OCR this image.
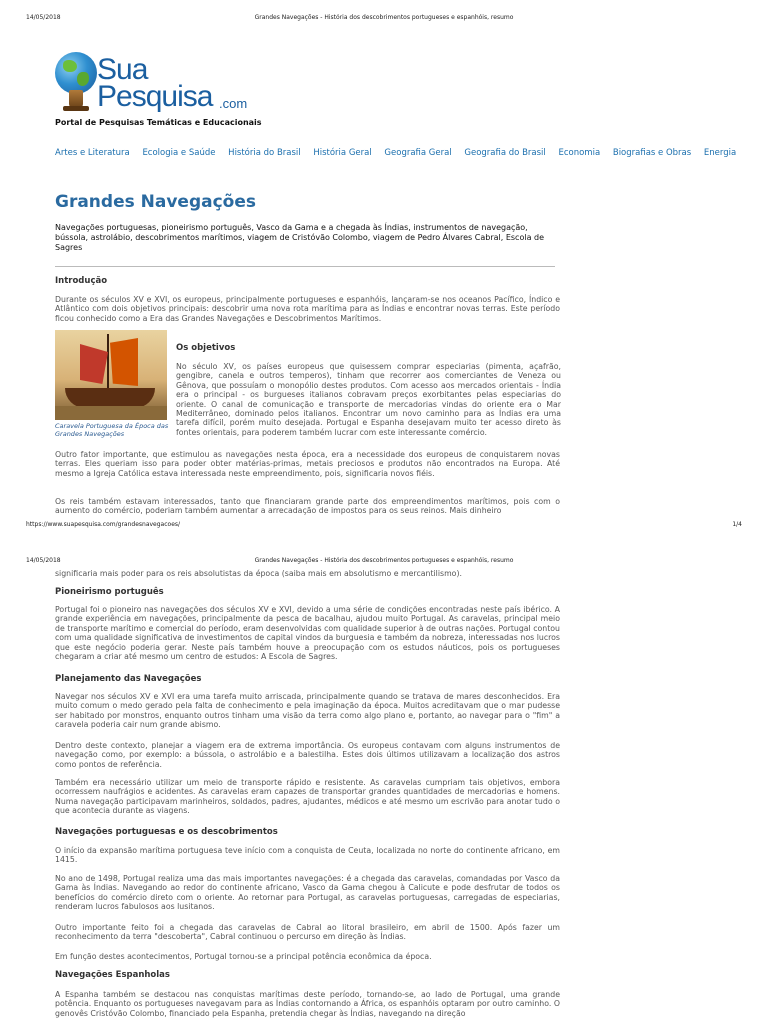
14/05/2018	Grandes Navegações - História dos descobrimentos portugueses e espanhóis, resumo
Sua
Pesquisa .com
Portal de Pesquisas Temáticas e Educacionais
Artes e Literatura Ecologia e Saúde História do Brasil História Geral Geografia Geral Geografia do Brasil Economia Biografias e Obras Energia
Grandes Navegações
Navegações portuguesas, pioneirismo português, Vasco da Gama e a chegada às Índias, instrumentos de navegação, bússola, astrolábio, descobrimentos marítimos, viagem de Cristóvão Colombo, viagem de Pedro Álvares Cabral, Escola de Sagres
Introdução
Durante os séculos XV e XVI, os europeus, principalmente portugueses e espanhóis, lançaram-se nos oceanos Pacífico, Índico e Atlântico com dois objetivos principais: descobrir uma nova rota marítima para as Índias e encontrar novas terras. Este período ficou conhecido como a Era das Grandes Navegações e Descobrimentos Marítimos.
Caravela Portuguesa da Época das Grandes Navegações
Os objetivos
No século XV, os países europeus que quisessem comprar especiarias (pimenta, açafrão, gengibre, canela e outros temperos), tinham que recorrer aos comerciantes de Veneza ou Gênova, que possuíam o monopólio destes produtos. Com acesso aos mercados orientais - Índia era o principal - os burgueses italianos cobravam preços exorbitantes pelas especiarias do oriente. O canal de comunicação e transporte de mercadorias vindas do oriente era o Mar Mediterrâneo, dominado pelos italianos. Encontrar um novo caminho para as Índias era uma tarefa difícil, porém muito desejada. Portugal e Espanha desejavam muito ter acesso direto às fontes orientais, para poderem também lucrar com este interessante comércio.
Outro fator importante, que estimulou as navegações nesta época, era a necessidade dos europeus de conquistarem novas terras. Eles queriam isso para poder obter matérias-primas, metais preciosos e produtos não encontrados na Europa. Até mesmo a Igreja Católica estava interessada neste empreendimento, pois, significaria novos fiéis.
Os reis também estavam interessados, tanto que financiaram grande parte dos empreendimentos marítimos, pois com o aumento do comércio, poderiam também aumentar a arrecadação de impostos para os seus reinos. Mais dinheiro
https://www.suapesquisa.com/grandesnavegacoes/	1/4
14/05/2018	Grandes Navegações - História dos descobrimentos portugueses e espanhóis, resumo
significaria mais poder para os reis absolutistas da época (saiba mais em absolutismo e mercantilismo).
Pioneirismo português
Portugal foi o pioneiro nas navegações dos séculos XV e XVI, devido a uma série de condições encontradas neste país ibérico. A grande experiência em navegações, principalmente da pesca de bacalhau, ajudou muito Portugal. As caravelas, principal meio de transporte marítimo e comercial do período, eram desenvolvidas com qualidade superior à de outras nações. Portugal contou com uma qualidade significativa de investimentos de capital vindos da burguesia e também da nobreza, interessadas nos lucros que este negócio poderia gerar. Neste país também houve a preocupação com os estudos náuticos, pois os portugueses chegaram a criar até mesmo um centro de estudos: A Escola de Sagres.
Planejamento das Navegações
Navegar nos séculos XV e XVI era uma tarefa muito arriscada, principalmente quando se tratava de mares desconhecidos. Era muito comum o medo gerado pela falta de conhecimento e pela imaginação da época. Muitos acreditavam que o mar pudesse ser habitado por monstros, enquanto outros tinham uma visão da terra como algo plano e, portanto, ao navegar para o "fim" a caravela poderia cair num grande abismo.
Dentro deste contexto, planejar a viagem era de extrema importância. Os europeus contavam com alguns instrumentos de navegação como, por exemplo: a bússola, o astrolábio e a balestilha. Estes dois últimos utilizavam a localização dos astros como pontos de referência.
Também era necessário utilizar um meio de transporte rápido e resistente. As caravelas cumpriam tais objetivos, embora ocorressem naufrágios e acidentes. As caravelas eram capazes de transportar grandes quantidades de mercadorias e homens. Numa navegação participavam marinheiros, soldados, padres, ajudantes, médicos e até mesmo um escrivão para anotar tudo o que acontecia durante as viagens.
Navegações portuguesas e os descobrimentos
O início da expansão marítima portuguesa teve início com a conquista de Ceuta, localizada no norte do continente africano, em 1415.
No ano de 1498, Portugal realiza uma das mais importantes navegações: é a chegada das caravelas, comandadas por Vasco da Gama às Índias. Navegando ao redor do continente africano, Vasco da Gama chegou à Calicute e pode desfrutar de todos os benefícios do comércio direto com o oriente. Ao retornar para Portugal, as caravelas portuguesas, carregadas de especiarias, renderam lucros fabulosos aos lusitanos.
Outro importante feito foi a chegada das caravelas de Cabral ao litoral brasileiro, em abril de 1500. Após fazer um reconhecimento da terra "descoberta", Cabral continuou o percurso em direção às Índias.
Em função destes acontecimentos, Portugal tornou-se a principal potência econômica da época.
Navegações Espanholas
A Espanha também se destacou nas conquistas marítimas deste período, tornando-se, ao lado de Portugal, uma grande potência. Enquanto os portugueses navegavam para as Índias contornando a África, os espanhóis optaram por outro caminho. O genovês Cristóvão Colombo, financiado pela Espanha, pretendia chegar às Índias, navegando na direção
